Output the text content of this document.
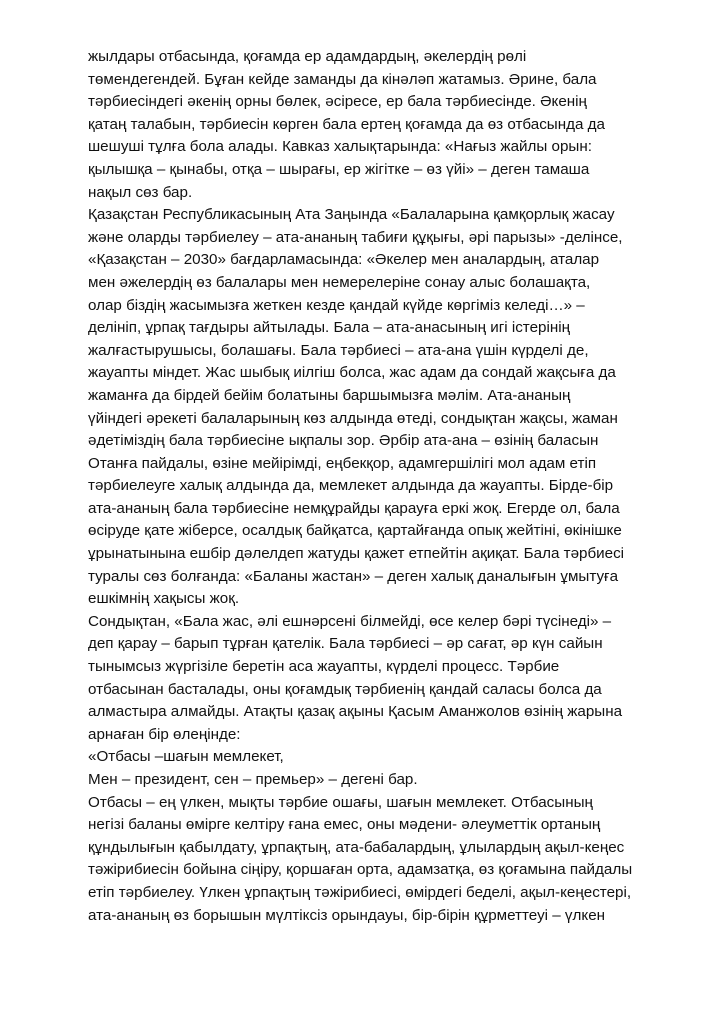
жылдары отбасында, қоғамда ер адамдардың, әкелердің рөлі
төмендегендей. Бұған кейде заманды да кінәләп жатамыз. Әрине, бала
тәрбиесіндегі әкенің орны бөлек, әсіресе, ер бала тәрбиесінде. Әкенің
қатаң талабын, тәрбиесін көрген бала ертең қоғамда да өз отбасында да
шешуші тұлға бола алады. Кавказ халықтарында: «Нағыз жайлы орын:
қылышқа – қынабы, отқа – шырағы, ер жігітке – өз үйі» – деген тамаша
нақыл сөз бар.
Қазақстан Республикасының Ата Заңында «Балаларына қамқорлық жасау
және оларды тәрбиелеу – ата-ананың табиғи құқығы, әрі парызы» -делінсе,
«Қазақстан – 2030» бағдарламасында: «Әкелер мен аналардың, аталар
мен әжелердің өз балалары мен немерелеріне сонау алыс болашақта,
олар біздің жасымызға жеткен кезде қандай күйде көргіміз келеді…» –
делініп, ұрпақ тағдыры айтылады. Бала – ата-анасының игі істерінің
жалғастырушысы, болашағы. Бала тәрбиесі – ата-ана үшін күрделі де,
жауапты міндет. Жас шыбық иілгіш болса, жас адам да сондай жақсыға да
жаманға да бірдей бейім болатыны баршымызға мәлім. Ата-ананың
үйіндегі әрекеті балаларының көз алдында өтеді, сондықтан жақсы, жаман
әдетіміздің бала тәрбиесіне ықпалы зор. Әрбір ата-ана – өзінің баласын
Отанға пайдалы, өзіне мейірімді, еңбекқор, адамгершілігі мол адам етіп
тәрбиелеуге халық алдында да, мемлекет алдында да жауапты. Бірде-бір
ата-ананың бала тәрбиесіне немқұрайды қарауға еркі жоқ. Егерде ол, бала
өсіруде қате жіберсе, осалдық байқатса, қартайғанда опық жейтіні, өкінішке
ұрынатынына ешбір дәлелдеп жатуды қажет етпейтін ақиқат. Бала тәрбиесі
туралы сөз болғанда: «Баланы жастан» – деген халық даналығын ұмытуға
ешкімнің хақысы жоқ.
Сондықтан, «Бала жас, әлі ешнәрсені білмейді, өсе келер бәрі түсінеді» –
деп қарау – барып тұрған қателік. Бала тәрбиесі – әр сағат, әр күн сайын
тынымсыз жүргізіле беретін аса жауапты, күрделі процесс. Тәрбие
отбасынан басталады, оны қоғамдық тәрбиенің қандай саласы болса да
алмастыра алмайды. Атақты қазақ ақыны Қасым Аманжолов өзінің жарына
арнаған бір өлеңінде:
«Отбасы –шағын мемлекет,
Мен – президент, сен – премьер» – дегені бар.
Отбасы – ең үлкен, мықты тәрбие ошағы, шағын мемлекет. Отбасының
негізі баланы өмірге келтіру ғана емес, оны мәдени- әлеуметтік ортаның
құндылығын қабылдату, ұрпақтың, ата-бабалардың, ұлылардың ақыл-кеңес
тәжірибиесін бойына сіңіру, қоршаған орта, адамзатқа, өз қоғамына пайдалы
етіп тәрбиелеу. Үлкен ұрпақтың тәжірибиесі, өмірдегі беделі, ақыл-кеңестері,
ата-ананың өз борышын мүлтіксіз орындауы, бір-бірін құрметтеуі – үлкен
